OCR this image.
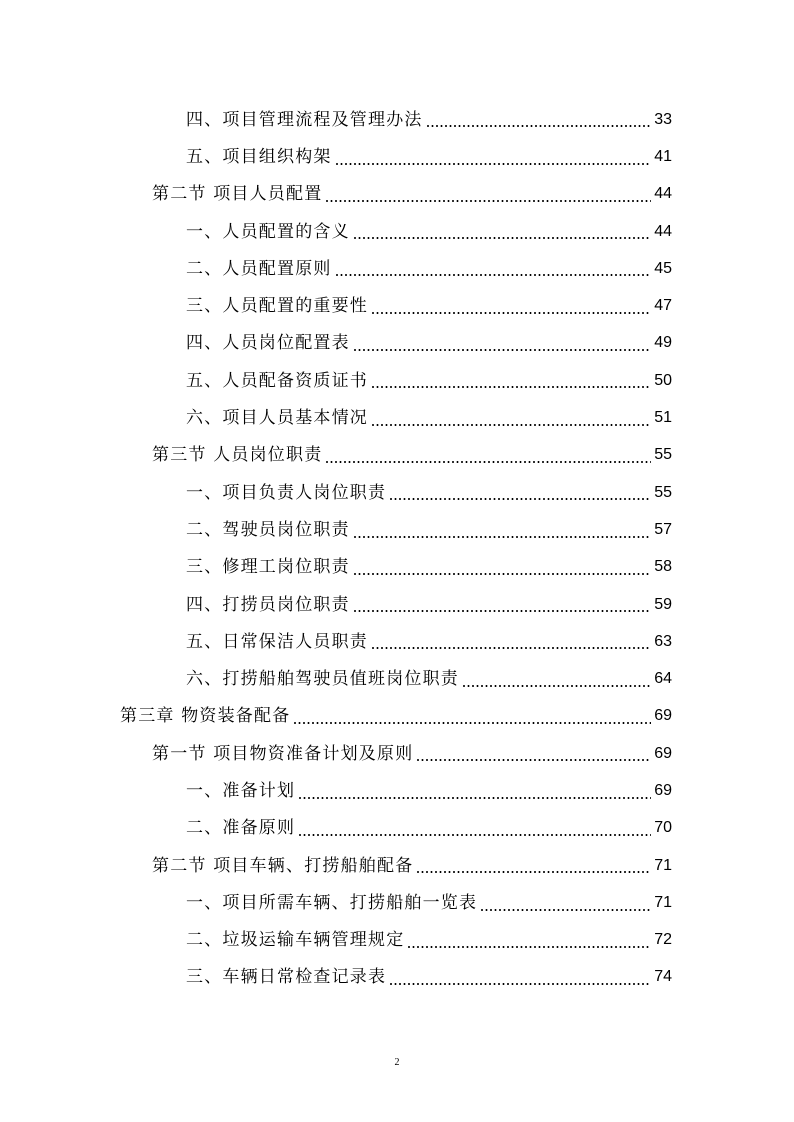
四、项目管理流程及管理办法	33
五、项目组织构架	41
第二节 项目人员配置	44
一、人员配置的含义	44
二、人员配置原则	45
三、人员配置的重要性	47
四、人员岗位配置表	49
五、人员配备资质证书	50
六、项目人员基本情况	51
第三节 人员岗位职责	55
一、项目负责人岗位职责	55
二、驾驶员岗位职责	57
三、修理工岗位职责	58
四、打捞员岗位职责	59
五、日常保洁人员职责	63
六、打捞船舶驾驶员值班岗位职责	64
第三章 物资装备配备	69
第一节 项目物资准备计划及原则	69
一、准备计划	69
二、准备原则	70
第二节 项目车辆、打捞船舶配备	71
一、项目所需车辆、打捞船舶一览表	71
二、垃圾运输车辆管理规定	72
三、车辆日常检查记录表	74
2
